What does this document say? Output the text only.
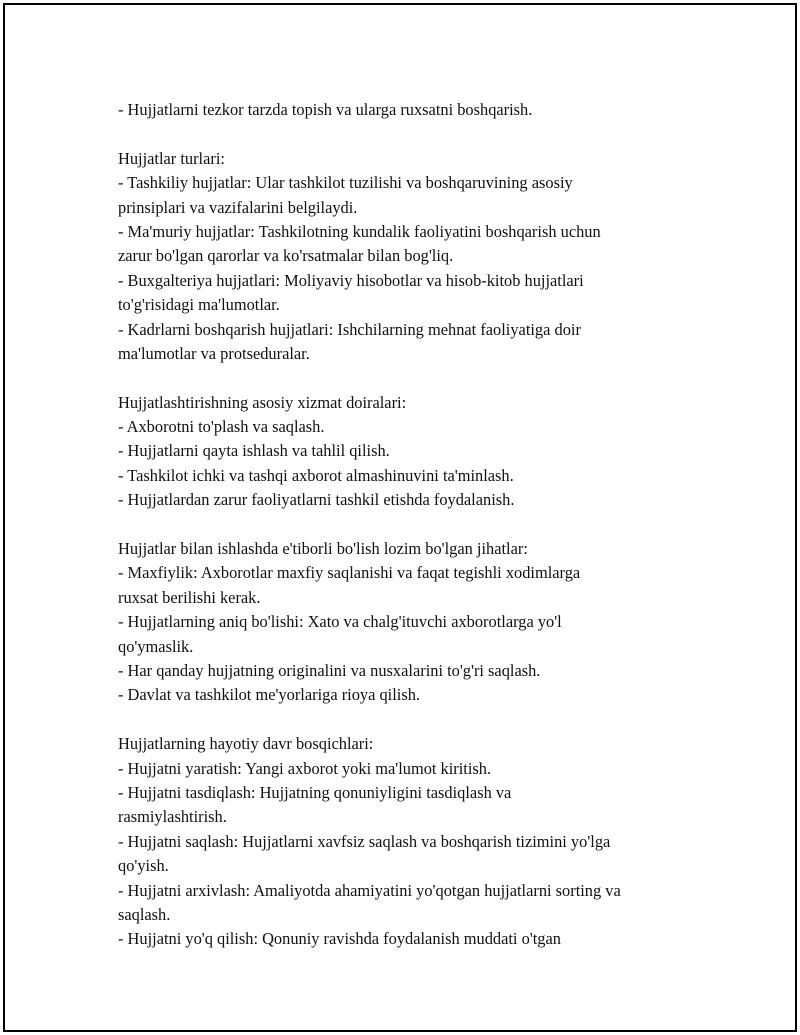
- Hujjatlarni tezkor tarzda topish va ularga ruxsatni boshqarish.

Hujjatlar turlari:

- Tashkiliy hujjatlar: Ular tashkilot tuzilishi va boshqaruvining asosiy

prinsiplari va vazifalarini belgilaydi.

- Ma'muriy hujjatlar: Tashkilotning kundalik faoliyatini boshqarish uchun

zarur bo'lgan qarorlar va ko'rsatmalar bilan bog'liq.

- Buxgalteriya hujjatlari: Moliyaviy hisobotlar va hisob-kitob hujjatlari

to'g'risidagi ma'lumotlar.

- Kadrlarni boshqarish hujjatlari: Ishchilarning mehnat faoliyatiga doir

ma'lumotlar va protseduralar.

Hujjatlashtirishning asosiy xizmat doiralari:

- Axborotni to'plash va saqlash.

- Hujjatlarni qayta ishlash va tahlil qilish.

- Tashkilot ichki va tashqi axborot almashinuvini ta'minlash.

- Hujjatlardan zarur faoliyatlarni tashkil etishda foydalanish.

Hujjatlar bilan ishlashda e'tiborli bo'lish lozim bo'lgan jihatlar:

- Maxfiylik: Axborotlar maxfiy saqlanishi va faqat tegishli xodimlarga

ruxsat berilishi kerak.

- Hujjatlarning aniq bo'lishi: Xato va chalg'ituvchi axborotlarga yo'l

qo'ymaslik.

- Har qanday hujjatning originalini va nusxalarini to'g'ri saqlash.

- Davlat va tashkilot me'yorlariga rioya qilish.

Hujjatlarning hayotiy davr bosqichlari:

- Hujjatni yaratish: Yangi axborot yoki ma'lumot kiritish.

- Hujjatni tasdiqlash: Hujjatning qonuniyligini tasdiqlash va

rasmiylashtirish.

- Hujjatni saqlash: Hujjatlarni xavfsiz saqlash va boshqarish tizimini yo'lga

qo'yish.

- Hujjatni arxivlash: Amaliyotda ahamiyatini yo'qotgan hujjatlarni sorting va

saqlash.

- Hujjatni yo'q qilish: Qonuniy ravishda foydalanish muddati o'tgan
